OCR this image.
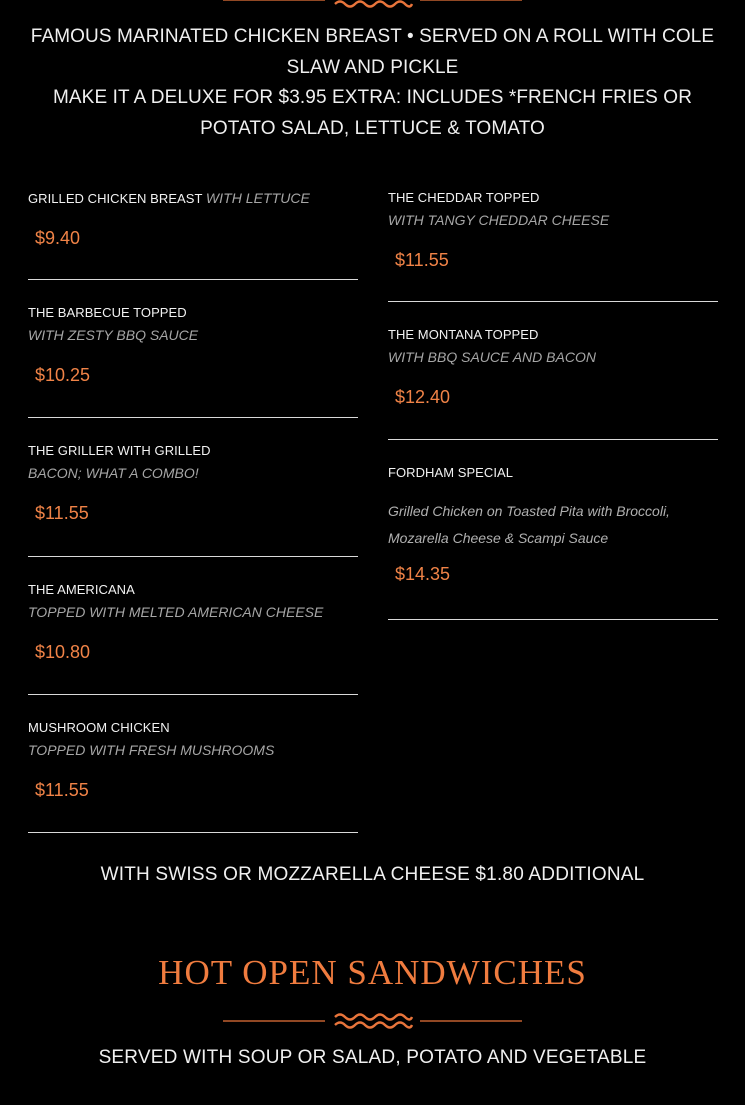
FAMOUS MARINATED CHICKEN BREAST • SERVED ON A ROLL WITH COLE SLAW AND PICKLE

MAKE IT A DELUXE FOR $3.95 EXTRA: INCLUDES *FRENCH FRIES OR POTATO SALAD, LETTUCE & TOMATO

GRILLED CHICKEN BREAST WITH LETTUCE
$9.40
THE BARBECUE TOPPED
WITH ZESTY BBQ SAUCE
$10.25
THE GRILLER WITH GRILLED
BACON; WHAT A COMBO!
$11.55
THE AMERICANA
TOPPED WITH MELTED AMERICAN CHEESE
$10.80
MUSHROOM CHICKEN
TOPPED WITH FRESH MUSHROOMS
$11.55
THE CHEDDAR TOPPED
WITH TANGY CHEDDAR CHEESE
$11.55
THE MONTANA TOPPED
WITH BBQ SAUCE AND BACON
$12.40
FORDHAM SPECIAL
Grilled Chicken on Toasted Pita with Broccoli, Mozarella Cheese & Scampi Sauce
$14.35
WITH SWISS OR MOZZARELLA CHEESE $1.80 ADDITIONAL
HOT OPEN SANDWICHES
SERVED WITH SOUP OR SALAD, POTATO AND VEGETABLE
